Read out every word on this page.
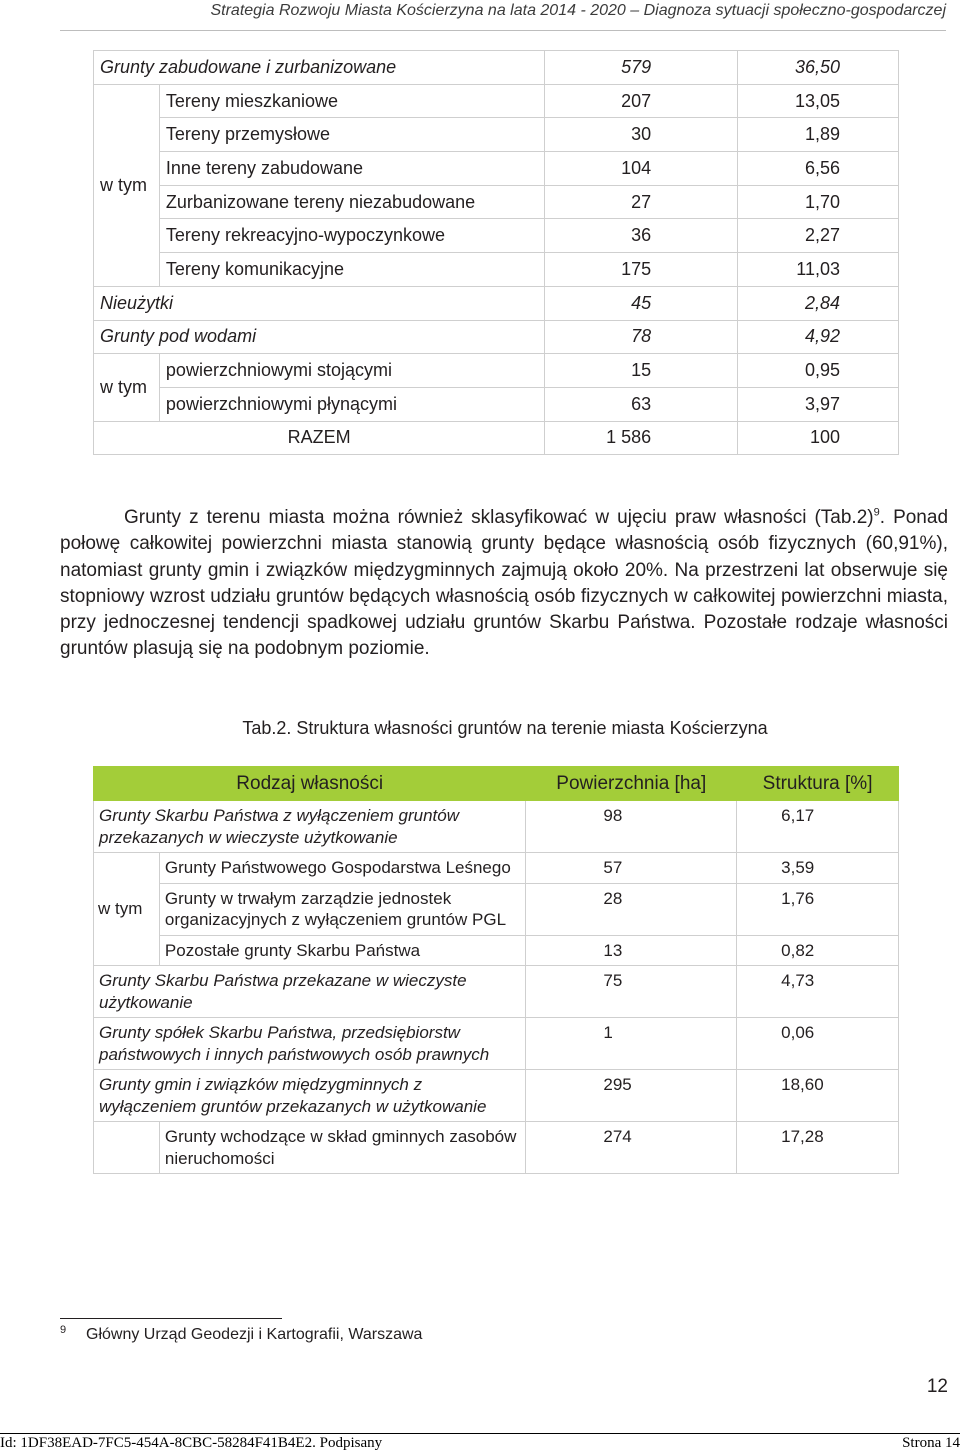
Strategia Rozwoju Miasta Kościerzyna na lata 2014 - 2020 – Diagnoza sytuacji społeczno-gospodarczej
Grunty zabudowane i zurbanizowane		579	36,50
w tym	Tereny mieszkaniowe	207	13,05
	Tereny przemysłowe	30	1,89
	Inne tereny zabudowane	104	6,56
	Zurbanizowane tereny niezabudowane	27	1,70
	Tereny rekreacyjno-wypoczynkowe	36	2,27
	Tereny komunikacyjne	175	11,03
Nieużytki		45	2,84
Grunty pod wodami		78	4,92
w tym	powierzchniowymi stojącymi	15	0,95
	powierzchniowymi płynącymi	63	3,97
RAZEM		1 586	100
Grunty z terenu miasta można również sklasyfikować w ujęciu praw własności $(Tab.2)^9$. Ponad połowę całkowitej powierzchni miasta stanowią grunty będące własnością osób fizycznych (60,91%), natomiast grunty gmin i związków międzygminnych zajmują około 20%. Na przestrzeni lat obserwuje się stopniowy wzrost udziału gruntów będących własnością osób fizycznych w całkowitej powierzchni miasta, przy jednoczesnej tendencji spadkowej udziału gruntów Skarbu Państwa. Pozostałe rodzaje własności gruntów plasują się na podobnym poziomie.
Tab.2. Struktura własności gruntów na terenie miasta Kościerzyna
Rodzaj własności		Powierzchnia [ha]	Struktura [%]
Grunty Skarbu Państwa z wyłączeniem gruntów przekazanych w wieczyste użytkowanie		98	6,17
w tym	Grunty Państwowego Gospodarstwa Leśnego	57	3,59
	Grunty w trwałym zarządzie jednostek organizacyjnych z wyłączeniem gruntów PGL	28	1,76
	Pozostałe grunty Skarbu Państwa	13	0,82
Grunty Skarbu Państwa przekazane w wieczyste użytkowanie		75	4,73
Grunty spółek Skarbu Państwa, przedsiębiorstw państwowych i innych państwowych osób prawnych		1	0,06
Grunty gmin i związków międzygminnych z wyłączeniem gruntów przekazanych w użytkowanie		295	18,60
	Grunty wchodzące w skład gminnych zasobów nieruchomości	274	17,28
9 Główny Urząd Geodezji i Kartografii, Warszawa
12
Id: 1DF38EAD-7FC5-454A-8CBC-58284F41B4E2. Podpisany	Strona 14
